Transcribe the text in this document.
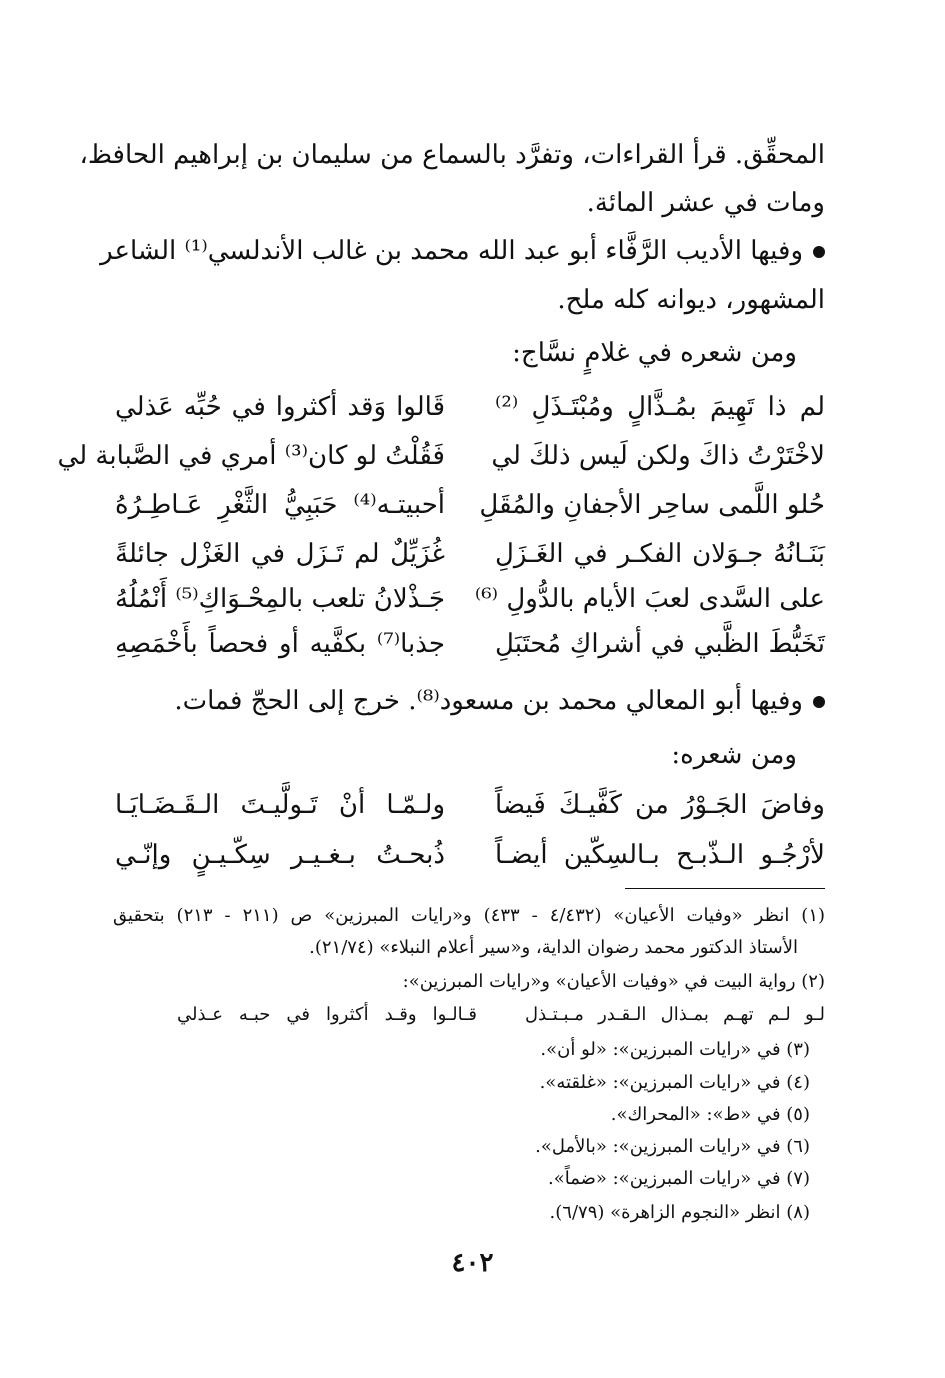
المحقِّق. قرأ القراءات، وتفرَّد بالسماع من سليمان بن إبراهيم الحافظ،
ومات في عشر المائة.
وفيها الأديب الرَّفَّاء أبو عبد الله محمد بن غالب الأندلسي⁽¹⁾ الشاعر
المشهور، ديوانه كله ملح.
ومن شعره في غلامٍ نسَّاج:
قَالوا وَقد أكثروا في حُبِّه عَذلي لم ذا تَهِيمَ بمُـذَّالٍ ومُبْتَـذَلِ ⁽²⁾
فَقُلْتُ لو كان⁽³⁾ أمري في الصَّبابة لي لاخْتَرْتُ ذاكَ ولكن لَيس ذلكَ لي
أحبيتـه⁽⁴⁾ حَبَبِيُّ الثَّغْرِ عَـاطِـرُهُ حُلو اللَّمى ساحِر الأجفانِ والمُقَلِ
غُزَيِّلٌ لم تَـزَل في الغَزْل جائلةً بَنَـانُهُ جـوَلان الفكـر في الغَـزَلِ
جَـذْلانُ تلعب بالمِحْـوَاكِ⁽⁵⁾ أَنْمُلُهُ على السَّدى لعبَ الأيام بالدُّولِ ⁽⁶⁾
جذبا⁽⁷⁾ بكفَّيه أو فحصاً بأَخْمَصِهِ تَخَبُّطَ الظَّبي في أشراكِ مُحتَبَلِ
وفيها أبو المعالي محمد بن مسعود⁽⁸⁾. خرج إلى الحجّ فمات.
ومن شعره:
ولـمّـا أنْ تَـولَّيـتَ الـقَـضَـايَـا وفاضَ الجَـوْرُ من كَفَّيـكَ فَيضاً
ذُبحـتُ بـغـيـر سِكّـيـنٍ وإنّـي لأرْجُـو الـذّبـح بـالسِكّين أيضـاً
(١) انظر «وفيات الأعيان» (٤/٤٣٢ - ٤٣٣) و«رايات المبرزين» ص (٢١١ - ٢١٣) بتحقيق
الأستاذ الدكتور محمد رضوان الداية، و«سير أعلام النبلاء» (٢١/٧٤).
(٢) رواية البيت في «وفيات الأعيان» و«رايات المبرزين»:
قـالـوا وقـد أكثروا في حبـه عـذلي	لـو لـم تهـم بمـذال الـقـدر مـبـتـذل
(٣) في «رايات المبرزين»: «لو أن».
(٤) في «رايات المبرزين»: «غلقته».
(٥) في «ط»: «المحراك».
(٦) في «رايات المبرزين»: «بالأمل».
(٧) في «رايات المبرزين»: «ضماً».
(٨) انظر «النجوم الزاهرة» (٦/٧٩).
٤٠٢
